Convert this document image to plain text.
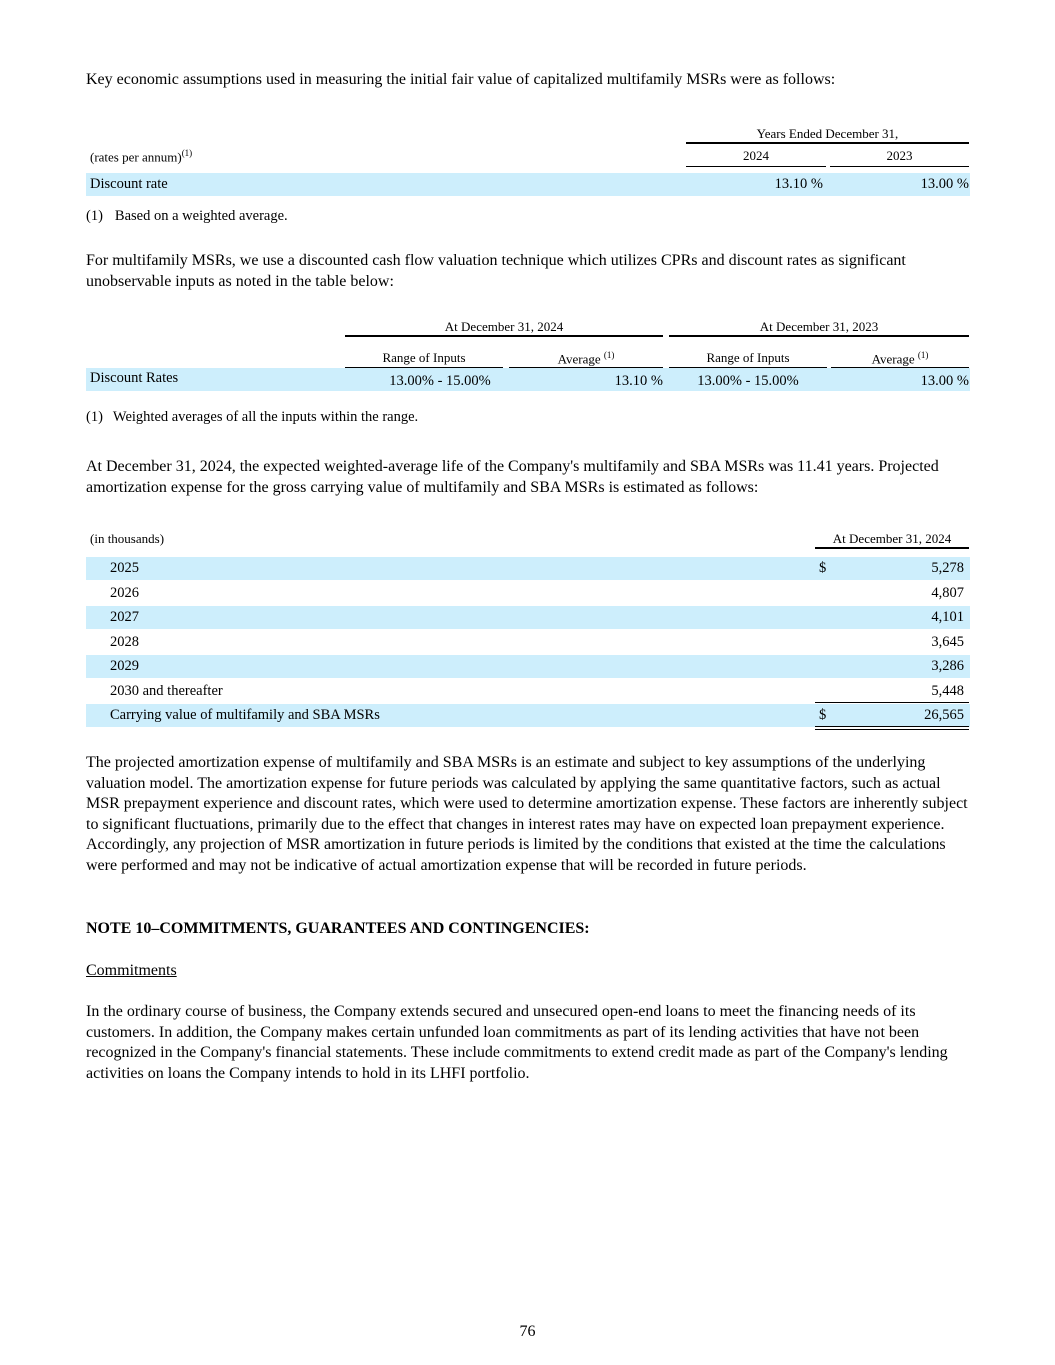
Key economic assumptions used in measuring the initial fair value of capitalized multifamily MSRs were as follows:
Years Ended December 31,
(rates per annum)$^{(1)}$	2024	2023
Discount rate	13.10 %	13.00 %
(1) Based on a weighted average.
For multifamily MSRs, we use a discounted cash flow valuation technique which utilizes CPRs and discount rates as significant unobservable inputs as noted in the table below:
At December 31, 2024	At December 31, 2023
Range of Inputs	Average $^{(1)}$	Range of Inputs	Average $^{(1)}$
Discount Rates	13.00% - 15.00%	13.10 %	13.00% - 15.00%	13.00 %
(1) Weighted averages of all the inputs within the range.
At December 31, 2024, the expected weighted-average life of the Company's multifamily and SBA MSRs was 11.41 years. Projected amortization expense for the gross carrying value of multifamily and SBA MSRs is estimated as follows:
(in thousands)	At December 31, 2024
2025	$	5,278
2026	4,807
2027	4,101
2028	3,645
2029	3,286
2030 and thereafter	5,448
Carrying value of multifamily and SBA MSRs	$	26,565
The projected amortization expense of multifamily and SBA MSRs is an estimate and subject to key assumptions of the underlying valuation model. The amortization expense for future periods was calculated by applying the same quantitative factors, such as actual MSR prepayment experience and discount rates, which were used to determine amortization expense. These factors are inherently subject to significant fluctuations, primarily due to the effect that changes in interest rates may have on expected loan prepayment experience. Accordingly, any projection of MSR amortization in future periods is limited by the conditions that existed at the time the calculations were performed and may not be indicative of actual amortization expense that will be recorded in future periods.
NOTE 10–COMMITMENTS, GUARANTEES AND CONTINGENCIES:
Commitments
In the ordinary course of business, the Company extends secured and unsecured open-end loans to meet the financing needs of its customers. In addition, the Company makes certain unfunded loan commitments as part of its lending activities that have not been recognized in the Company's financial statements. These include commitments to extend credit made as part of the Company's lending activities on loans the Company intends to hold in its LHFI portfolio.
76
